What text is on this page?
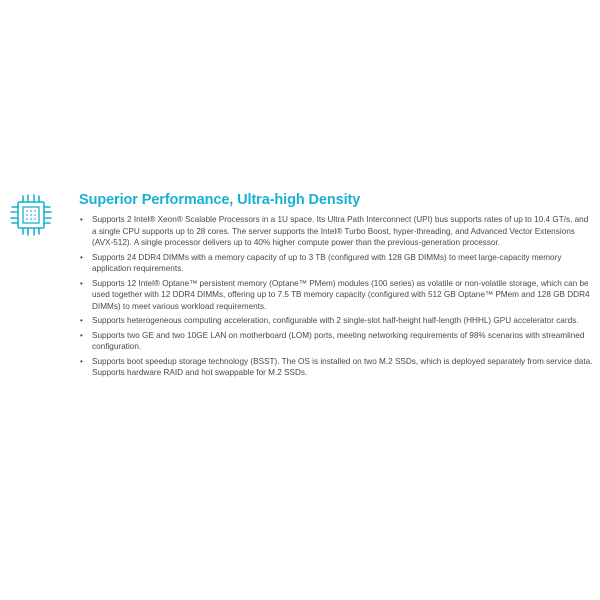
Superior Performance, Ultra-high Density
• Supports 2 Intel® Xeon® Scalable Processors in a 1U space. Its Ultra Path Interconnect (UPI) bus supports rates of up to 10.4 GT/s, and a single CPU supports up to 28 cores. The server supports the Intel® Turbo Boost, hyper-threading, and Advanced Vector Extensions (AVX-512). A single processor delivers up to 40% higher compute power than the previous-generation processor.
• Supports 24 DDR4 DIMMs with a memory capacity of up to 3 TB (configured with 128 GB DIMMs) to meet large-capacity memory application requirements.
• Supports 12 Intel® Optane™ persistent memory (Optane™ PMem) modules (100 series) as volatile or non-volatile storage, which can be used together with 12 DDR4 DIMMs, offering up to 7.5 TB memory capacity (configured with 512 GB Optane™ PMem and 128 GB DDR4 DIMMs) to meet various workload requirements.
• Supports heterogeneous computing acceleration, configurable with 2 single-slot half-height half-length (HHHL) GPU accelerator cards.
• Supports two GE and two 10GE LAN on motherboard (LOM) ports, meeting networking requirements of 98% scenarios with streamlined configuration.
• Supports boot speedup storage technology (BSST). The OS is installed on two M.2 SSDs, which is deployed separately from service data. Supports hardware RAID and hot swappable for M.2 SSDs.
